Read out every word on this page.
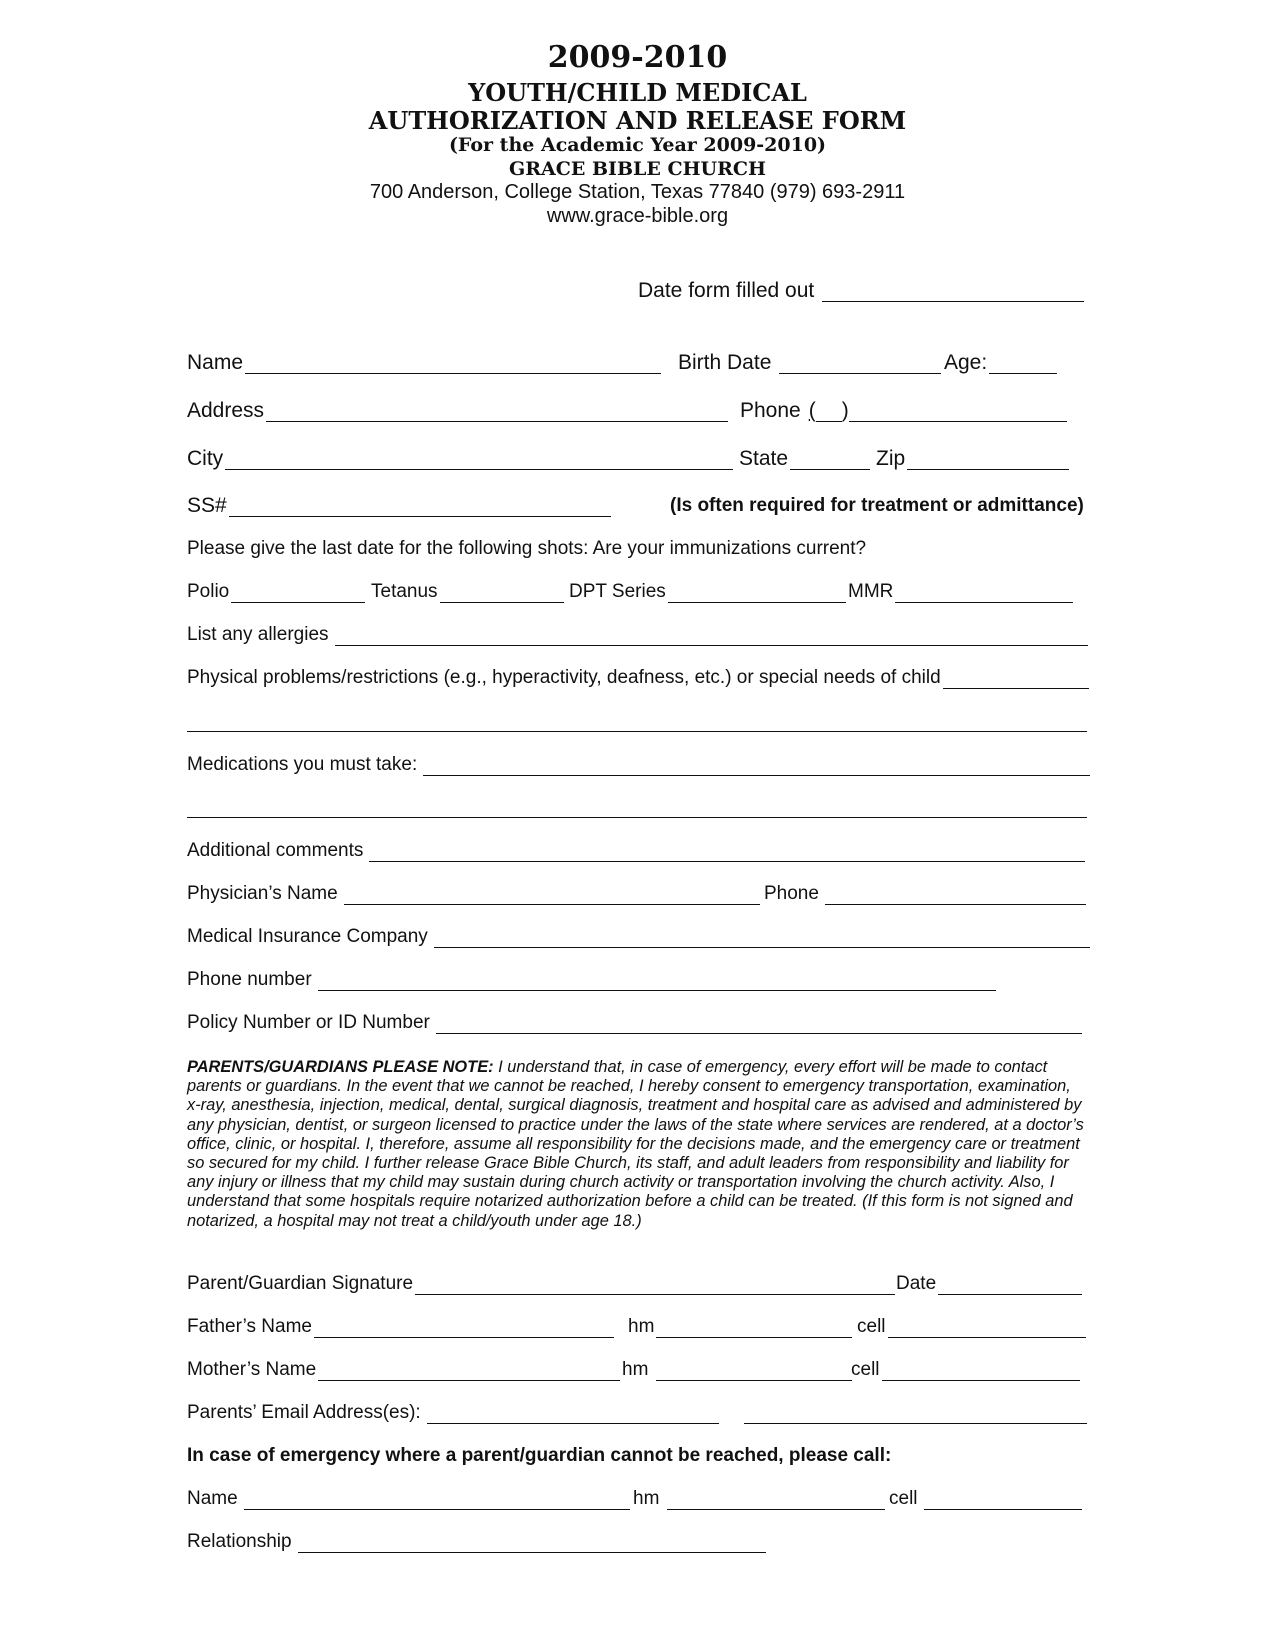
2009-2010
YOUTH/CHILD MEDICAL
AUTHORIZATION AND RELEASE FORM
(For the Academic Year 2009-2010)
GRACE BIBLE CHURCH
700 Anderson, College Station, Texas 77840 (979) 693-2911
www.grace-bible.org
Date form filled out
Name	Birth Date	Age:
Address	Phone ( )
City	State	Zip
SS#	(Is often required for treatment or admittance)
Please give the last date for the following shots: Are your immunizations current?
Polio	Tetanus	DPT Series	MMR
List any allergies
Physical problems/restrictions (e.g., hyperactivity, deafness, etc.) or special needs of child
Medications you must take:
Additional comments
Physician’s Name	Phone
Medical Insurance Company
Phone number
Policy Number or ID Number
PARENTS/GUARDIANS PLEASE NOTE: I understand that, in case of emergency, every effort will be made to contact parents or guardians. In the event that we cannot be reached, I hereby consent to emergency transportation, examination, x-ray, anesthesia, injection, medical, dental, surgical diagnosis, treatment and hospital care as advised and administered by any physician, dentist, or surgeon licensed to practice under the laws of the state where services are rendered, at a doctor’s office, clinic, or hospital. I, therefore, assume all responsibility for the decisions made, and the emergency care or treatment so secured for my child. I further release Grace Bible Church, its staff, and adult leaders from responsibility and liability for any injury or illness that my child may sustain during church activity or transportation involving the church activity. Also, I understand that some hospitals require notarized authorization before a child can be treated. (If this form is not signed and notarized, a hospital may not treat a child/youth under age 18.)
Parent/Guardian Signature	Date
Father’s Name	hm	cell
Mother’s Name	hm	cell
Parents’ Email Address(es):
In case of emergency where a parent/guardian cannot be reached, please call:
Name	hm	cell
Relationship
